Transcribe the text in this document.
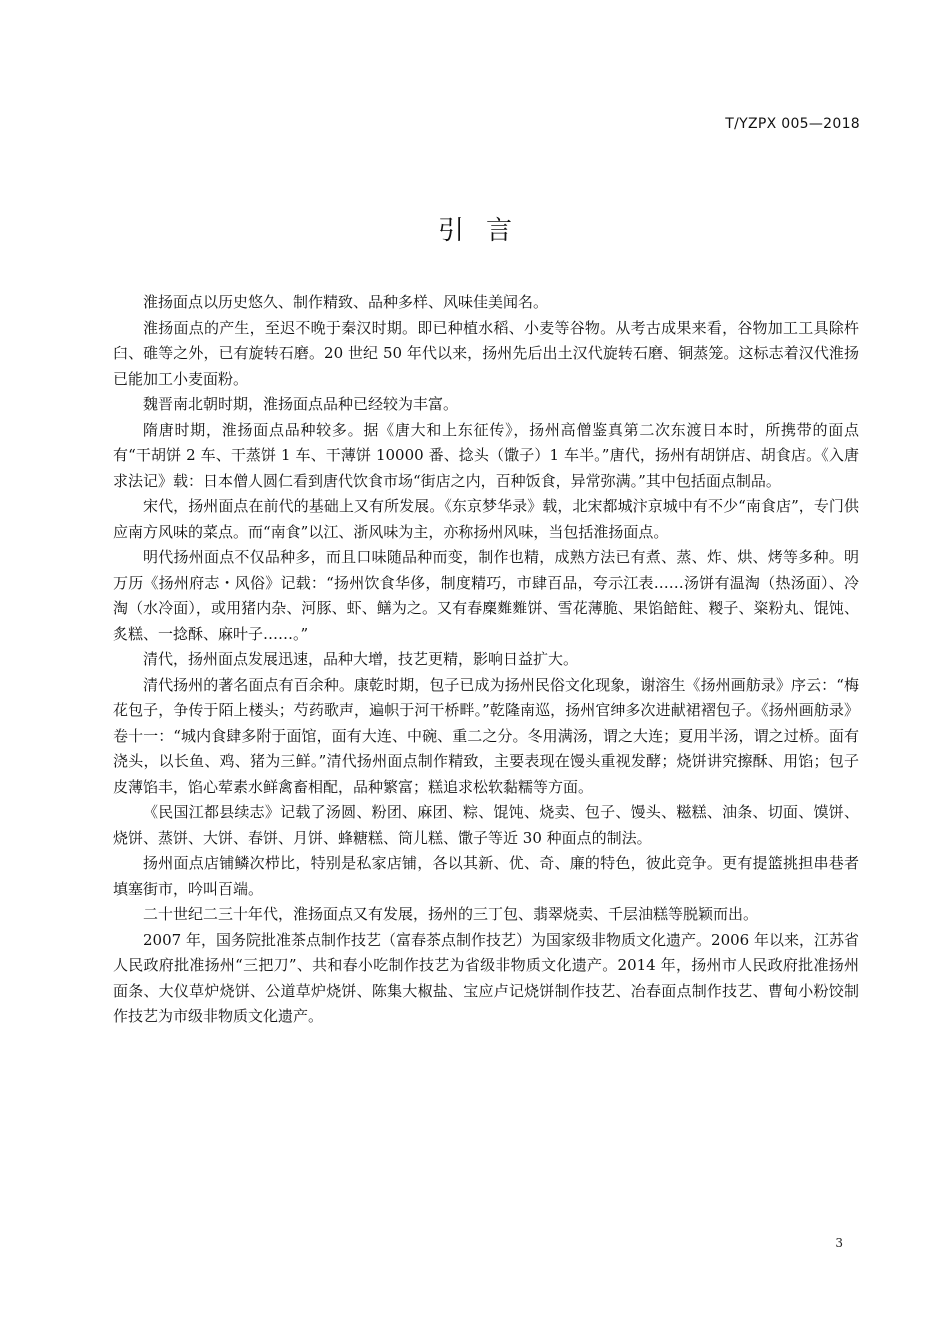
T/YZPX 005—2018
引言

淮扬面点以历史悠久、制作精致、品种多样、风味佳美闻名。

淮扬面点的产生，至迟不晚于秦汉时期。即已种植水稻、小麦等谷物。从考古成果来看，谷物加工工具除杵臼、碓等之外，已有旋转石磨。20 世纪 50 年代以来，扬州先后出土汉代旋转石磨、铜蒸笼。这标志着汉代淮扬已能加工小麦面粉。

魏晋南北朝时期，淮扬面点品种已经较为丰富。

隋唐时期，淮扬面点品种较多。据《唐大和上东征传》，扬州高僧鉴真第二次东渡日本时，所携带的面点有“干胡饼 2 车、干蒸饼 1 车、干薄饼 10000 番、捻头（馓子）1 车半。”唐代，扬州有胡饼店、胡食店。《入唐求法记》载：日本僧人圆仁看到唐代饮食市场“街店之内，百种饭食，异常弥满。”其中包括面点制品。

宋代，扬州面点在前代的基础上又有所发展。《东京梦华录》载，北宋都城汴京城中有不少“南食店”，专门供应南方风味的菜点。而“南食”以江、浙风味为主，亦称扬州风味，当包括淮扬面点。

明代扬州面点不仅品种多，而且口味随品种而变，制作也精，成熟方法已有煮、蒸、炸、烘、烤等多种。明万历《扬州府志・风俗》记载：“扬州饮食华侈，制度精巧，市肆百品，夸示江表……汤饼有温淘（热汤面）、冷淘（水冷面），或用猪内杂、河豚、虾、鳝为之。又有春䴢𪍇𪍇饼、雪花薄脆、果馅餢飳、糉子、粢粉丸、馄饨、炙糕、一捻酥、麻叶子……。”

清代，扬州面点发展迅速，品种大增，技艺更精，影响日益扩大。

清代扬州的著名面点有百余种。康乾时期，包子已成为扬州民俗文化现象，谢溶生《扬州画舫录》序云：“梅花包子，争传于陌上楼头；芍药歌声，遍帜于河干桥畔。”乾隆南巡，扬州官绅多次进献裙褶包子。《扬州画舫录》卷十一：“城内食肆多附于面馆，面有大连、中碗、重二之分。冬用满汤，谓之大连；夏用半汤，谓之过桥。面有浇头，以长鱼、鸡、猪为三鲜。”清代扬州面点制作精致，主要表现在馒头重视发酵；烧饼讲究擦酥、用馅；包子皮薄馅丰，馅心荤素水鲜禽畜相配，品种繁富；糕追求松软黏糯等方面。

《民国江都县续志》记载了汤圆、粉团、麻团、粽、馄饨、烧卖、包子、馒头、糍糕、油条、切面、馍饼、烧饼、蒸饼、大饼、春饼、月饼、蜂糖糕、筒儿糕、馓子等近 30 种面点的制法。

扬州面点店铺鳞次栉比，特别是私家店铺，各以其新、优、奇、廉的特色，彼此竞争。更有提篮挑担串巷者填塞街市，吟叫百端。

二十世纪二三十年代，淮扬面点又有发展，扬州的三丁包、翡翠烧卖、千层油糕等脱颖而出。

2007 年，国务院批准茶点制作技艺（富春茶点制作技艺）为国家级非物质文化遗产。2006 年以来，江苏省人民政府批准扬州“三把刀”、共和春小吃制作技艺为省级非物质文化遗产。2014 年，扬州市人民政府批准扬州面条、大仪草炉烧饼、公道草炉烧饼、陈集大椒盐、宝应卢记烧饼制作技艺、冶春面点制作技艺、曹甸小粉饺制作技艺为市级非物质文化遗产。

3
